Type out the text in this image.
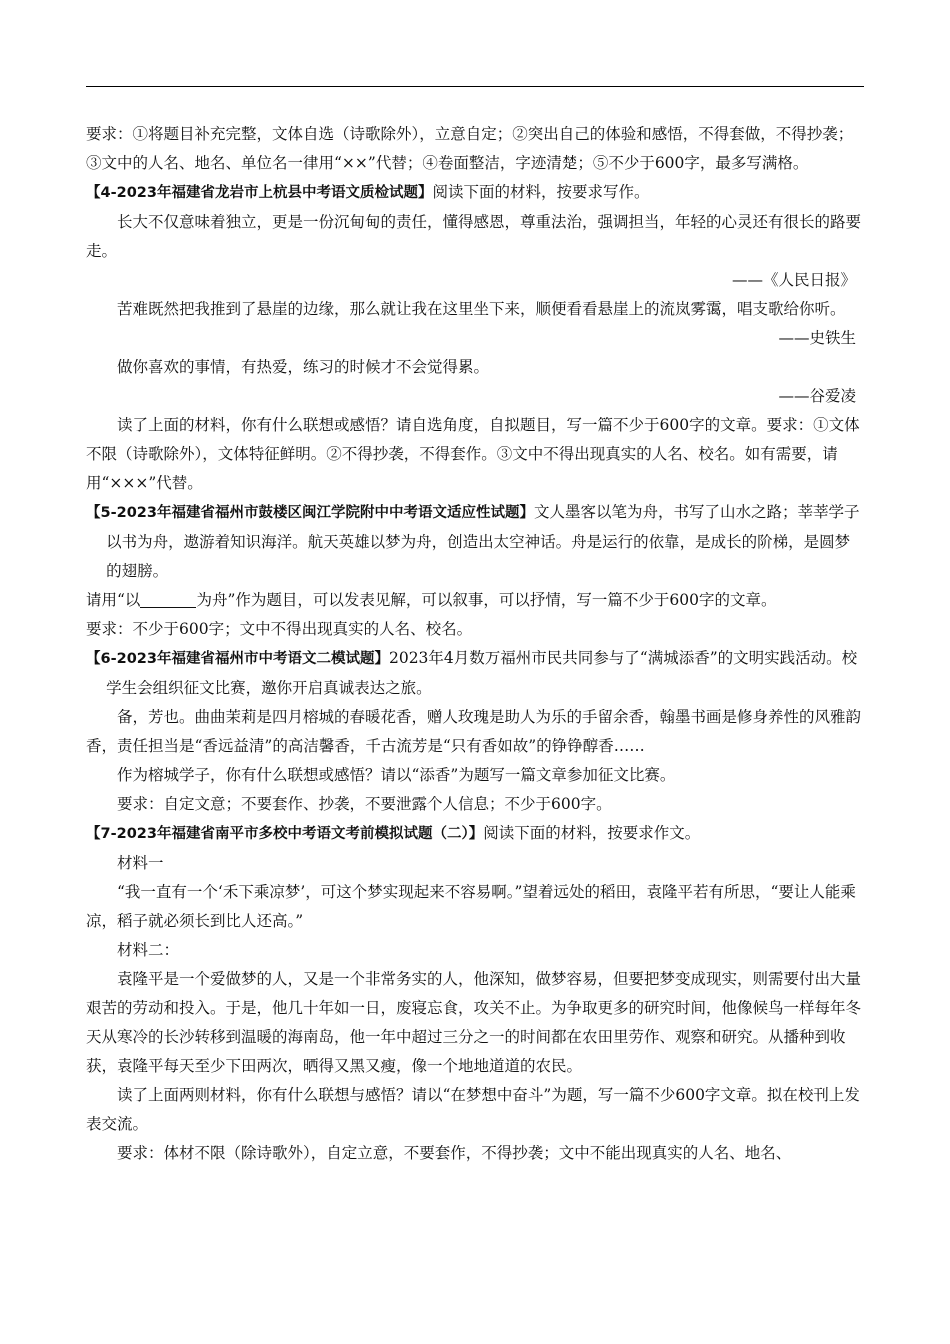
要求：①将题目补充完整，文体自选（诗歌除外），立意自定；②突出自己的体验和感悟，不得套做，不得抄袭；③文中的人名、地名、单位名一律用“××”代替；④卷面整洁，字迹清楚；⑤不少于600字，最多写满格。

【4-2023年福建省龙岩市上杭县中考语文质检试题】阅读下面的材料，按要求写作。

长大不仅意味着独立，更是一份沉甸甸的责任，懂得感恩，尊重法治，强调担当，年轻的心灵还有很长的路要走。

——《人民日报》

苦难既然把我推到了悬崖的边缘，那么就让我在这里坐下来，顺便看看悬崖上的流岚雾霭，唱支歌给你听。

——史铁生

做你喜欢的事情，有热爱，练习的时候才不会觉得累。

——谷爱凌

读了上面的材料，你有什么联想或感悟？请自选角度，自拟题目，写一篇不少于600字的文章。要求：①文体不限（诗歌除外），文体特征鲜明。②不得抄袭，不得套作。③文中不得出现真实的人名、校名。如有需要，请用“×××”代替。

【5-2023年福建省福州市鼓楼区闽江学院附中中考语文适应性试题】文人墨客以笔为舟，书写了山水之路；莘莘学子以书为舟，遨游着知识海洋。航天英雄以梦为舟，创造出太空神话。舟是运行的依靠，是成长的阶梯，是圆梦的翅膀。

请用“以	为舟”作为题目，可以发表见解，可以叙事，可以抒情，写一篇不少于600字的文章。

要求：不少于600字；文中不得出现真实的人名、校名。

【6-2023年福建省福州市中考语文二模试题】2023年4月数万福州市民共同参与了“满城添香”的文明实践活动。校学生会组织征文比赛，邀你开启真诚表达之旅。

备，芳也。曲曲茉莉是四月榕城的春暖花香，赠人玫瑰是助人为乐的手留余香，翰墨书画是修身养性的风雅韵香，责任担当是“香远益清”的高洁馨香，千古流芳是“只有香如故”的铮铮醇香……

作为榕城学子，你有什么联想或感悟？请以“添香”为题写一篇文章参加征文比赛。

要求：自定文意；不要套作、抄袭，不要泄露个人信息；不少于600字。

【7-2023年福建省南平市多校中考语文考前模拟试题（二）】阅读下面的材料，按要求作文。

材料一

“我一直有一个‘禾下乘凉梦’，可这个梦实现起来不容易啊。”望着远处的稻田，袁隆平若有所思，“要让人能乘凉，稻子就必须长到比人还高。”

材料二：

袁隆平是一个爱做梦的人，又是一个非常务实的人，他深知，做梦容易，但要把梦变成现实，则需要付出大量艰苦的劳动和投入。于是，他几十年如一日，废寝忘食，攻关不止。为争取更多的研究时间，他像候鸟一样每年冬天从寒冷的长沙转移到温暖的海南岛，他一年中超过三分之一的时间都在农田里劳作、观察和研究。从播种到收获，袁隆平每天至少下田两次，晒得又黑又瘦，像一个地地道道的农民。

读了上面两则材料，你有什么联想与感悟？请以“在梦想中奋斗”为题，写一篇不少600字文章。拟在校刊上发表交流。

要求：体材不限（除诗歌外），自定立意，不要套作，不得抄袭；文中不能出现真实的人名、地名、
